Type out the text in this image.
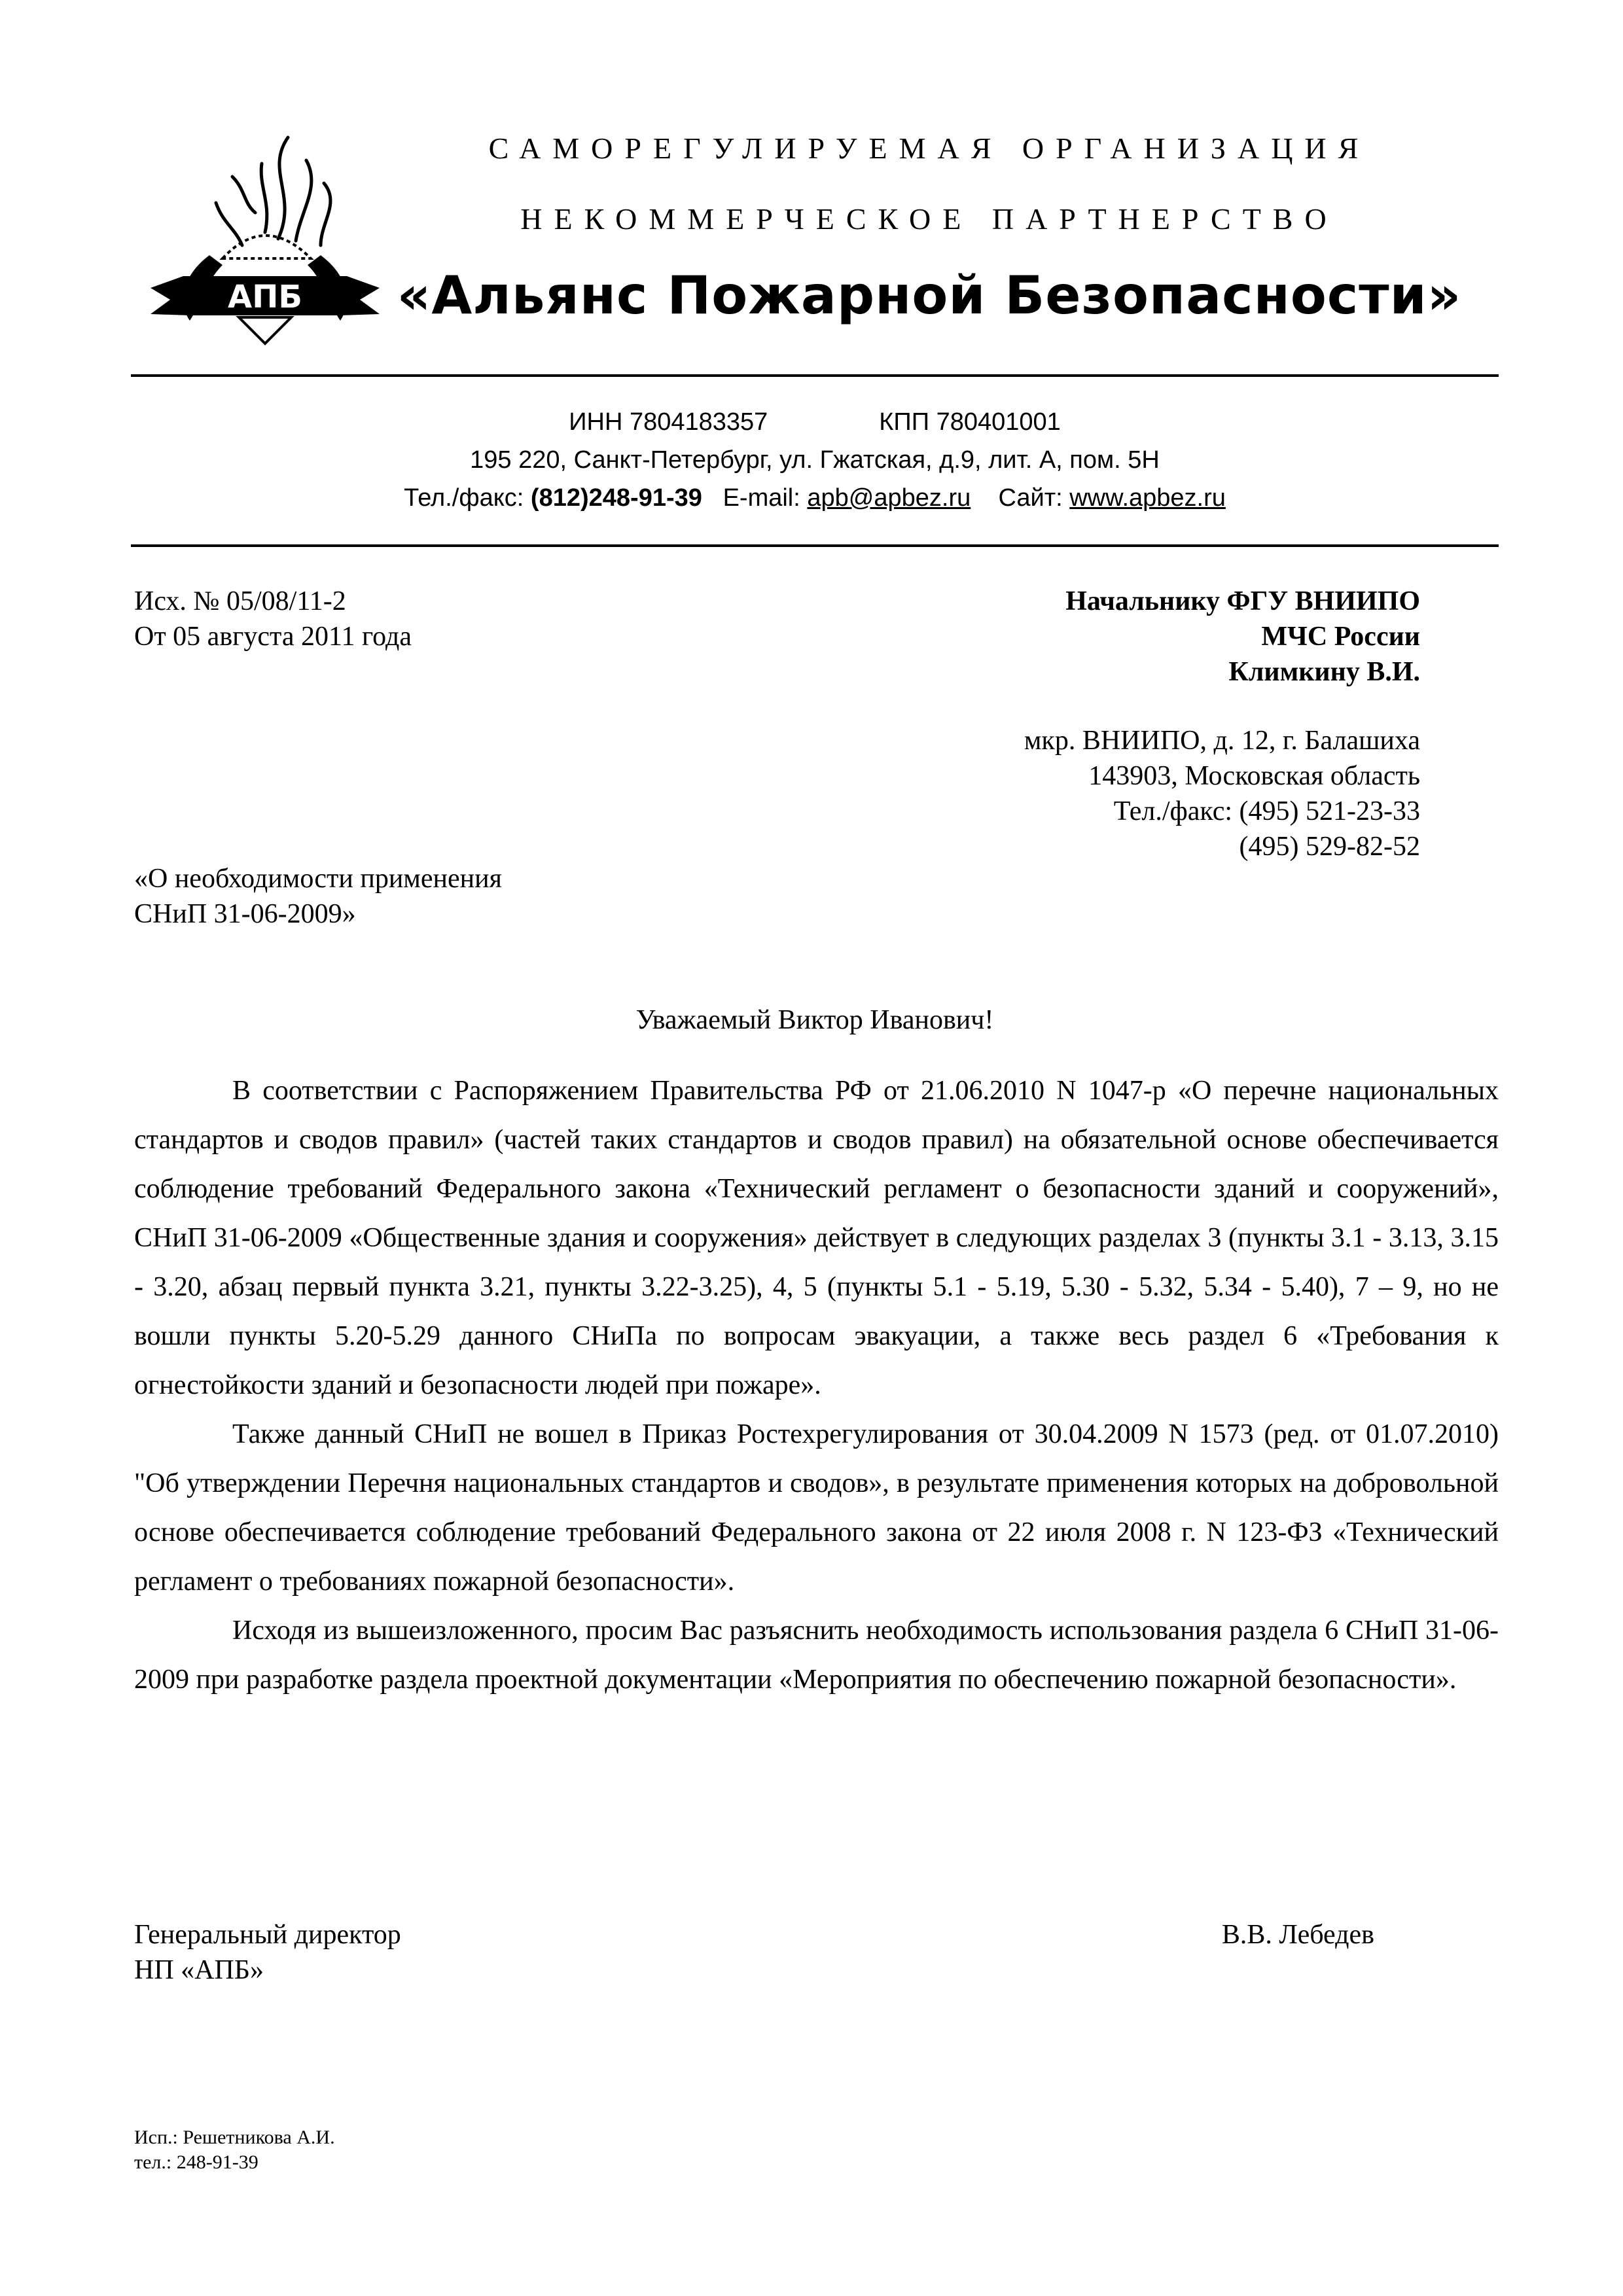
АПБ
САМОРЕГУЛИРУЕМАЯ ОРГАНИЗАЦИЯ
НЕКОММЕРЧЕСКОЕ ПАРТНЕРСТВО
«Альянс Пожарной Безопасности»
ИНН 7804183357	КПП 780401001
195 220, Санкт-Петербург, ул. Гжатская, д.9, лит. А, пом. 5Н
Тел./факс: (812)248-91-39 E-mail: apb@apbez.ru Сайт: www.apbez.ru
Исх. № 05/08/11-2
От 05 августа 2011 года
Начальнику ФГУ ВНИИПО
МЧС России
Климкину В.И.
мкр. ВНИИПО, д. 12, г. Балашиха
143903, Московская область
Тел./факс: (495) 521-23-33
(495) 529-82-52
«О необходимости применения
СНиП 31-06-2009»
Уважаемый Виктор Иванович!

В соответствии с Распоряжением Правительства РФ от 21.06.2010 N 1047-р «О перечне национальных стандартов и сводов правил» (частей таких стандартов и сводов правил) на обязательной основе обеспечивается соблюдение требований Федерального закона «Технический регламент о безопасности зданий и сооружений», СНиП 31-06-2009 «Общественные здания и сооружения» действует в следующих разделах 3 (пункты 3.1 - 3.13, 3.15 - 3.20, абзац первый пункта 3.21, пункты 3.22-3.25), 4, 5 (пункты 5.1 - 5.19, 5.30 - 5.32, 5.34 - 5.40), 7 – 9, но не вошли пункты 5.20-5.29 данного СНиПа по вопросам эвакуации, а также весь раздел 6 «Требования к огнестойкости зданий и безопасности людей при пожаре».

Также данный СНиП не вошел в Приказ Ростехрегулирования от 30.04.2009 N 1573 (ред. от 01.07.2010) "Об утверждении Перечня национальных стандартов и сводов», в результате применения которых на добровольной основе обеспечивается соблюдение требований Федерального закона от 22 июля 2008 г. N 123-ФЗ «Технический регламент о требованиях пожарной безопасности».

Исходя из вышеизложенного, просим Вас разъяснить необходимость использования раздела 6 СНиП 31-06-2009 при разработке раздела проектной документации «Мероприятия по обеспечению пожарной безопасности».

Генеральный директор
НП «АПБ»
В.В. Лебедев
Исп.: Решетникова А.И.
тел.: 248-91-39
